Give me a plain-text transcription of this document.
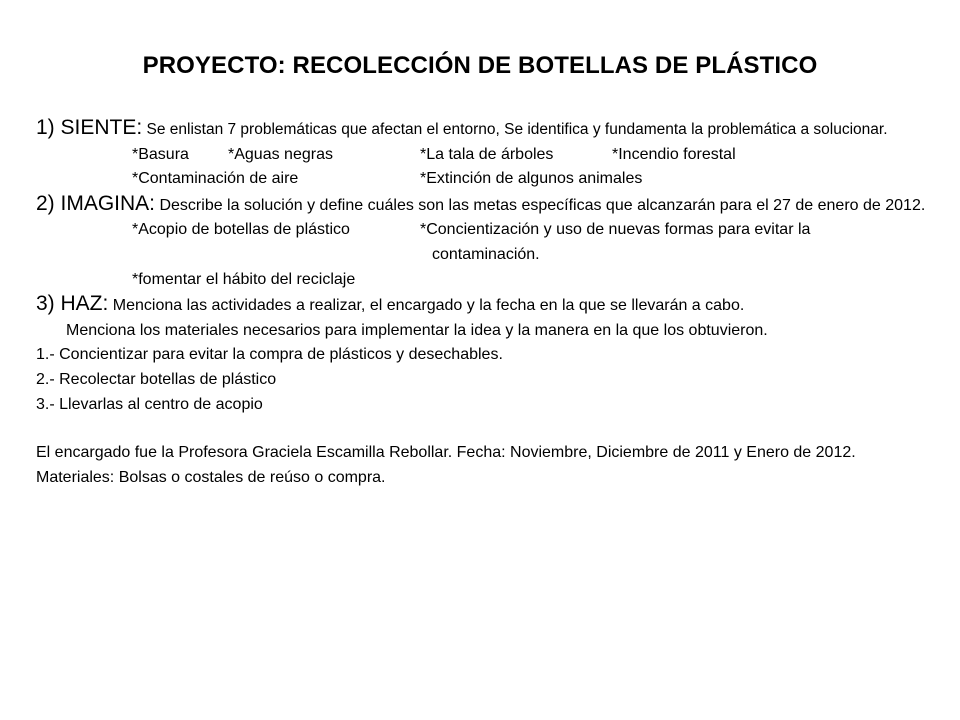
PROYECTO: RECOLECCIÓN DE BOTELLAS DE PLÁSTICO
1) SIENTE: Se enlistan 7 problemáticas que afectan el entorno, Se identifica y fundamenta la problemática a solucionar.
*Basura *Aguas negras	*La tala de árboles	*Incendio forestal
*Contaminación de aire	*Extinción de algunos animales
2) IMAGINA: Describe la solución y define cuáles son las metas específicas que alcanzarán para el 27 de enero de 2012.
*Acopio de botellas de plástico	*Concientización y uso de nuevas formas para evitar la
contaminación.
*fomentar el hábito del reciclaje
3) HAZ: Menciona las actividades a realizar, el encargado y la fecha en la que se llevarán a cabo.
Menciona los materiales necesarios para implementar la idea y la manera en la que los obtuvieron.
1.- Concientizar para evitar la compra de plásticos y desechables.
2.- Recolectar botellas de plástico
3.- Llevarlas al centro de acopio
El encargado fue la Profesora Graciela Escamilla Rebollar. Fecha: Noviembre, Diciembre de 2011 y Enero de 2012.
Materiales: Bolsas o costales de reúso o compra.
